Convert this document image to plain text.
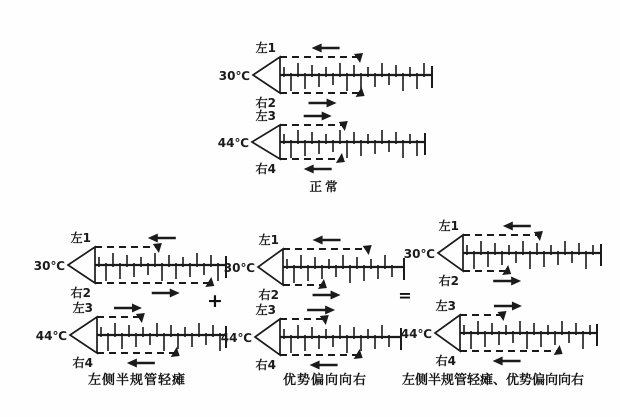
左1
30℃
右2
左3
44℃
右4
左1
30℃
右2
左3
44℃
右4
左1
30℃
右2
左3
44℃
右4
左1
30℃
右2
左3
44℃
右4
正常
左侧半规管轻瘫	优势偏向向右	左侧半规管轻瘫、优势偏向向右
+	=
